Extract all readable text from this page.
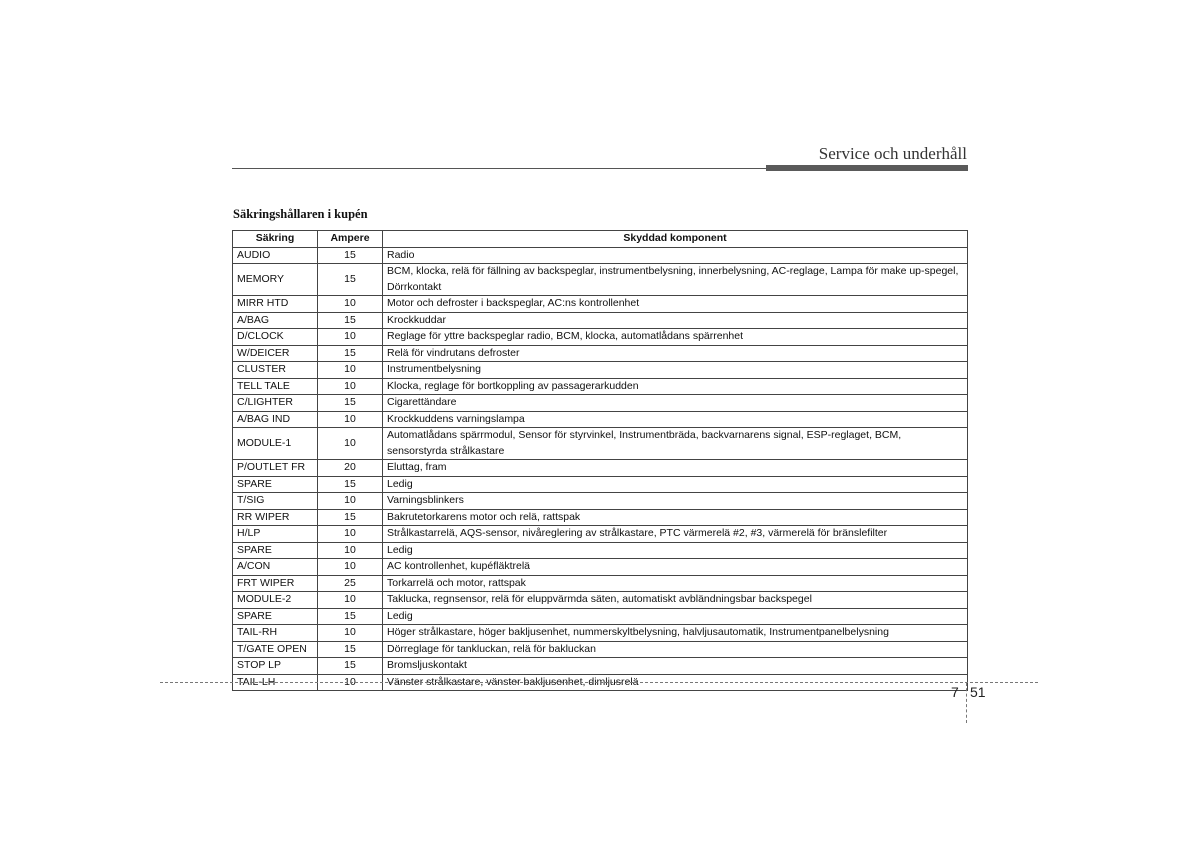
Service och underhåll
Säkringshållaren i kupén
Säkring	Ampere	Skyddad komponent
AUDIO	15	Radio
MEMORY	15	BCM, klocka, relä för fällning av backspeglar, instrumentbelysning, innerbelysning, AC-reglage, Lampa för make up-spegel, Dörrkontakt
MIRR HTD	10	Motor och defroster i backspeglar, AC:ns kontrollenhet
A/BAG	15	Krockkuddar
D/CLOCK	10	Reglage för yttre backspeglar radio, BCM, klocka, automatlådans spärrenhet
W/DEICER	15	Relä för vindrutans defroster
CLUSTER	10	Instrumentbelysning
TELL TALE	10	Klocka, reglage för bortkoppling av passagerarkudden
C/LIGHTER	15	Cigarettändare
A/BAG IND	10	Krockkuddens varningslampa
MODULE-1	10	Automatlådans spärrmodul, Sensor för styrvinkel, Instrumentbräda, backvarnarens signal, ESP-reglaget, BCM, sensorstyrda strålkastare
P/OUTLET FR	20	Eluttag, fram
SPARE	15	Ledig
T/SIG	10	Varningsblinkers
RR WIPER	15	Bakrutetorkarens motor och relä, rattspak
H/LP	10	Strålkastarrelä, AQS-sensor, nivåreglering av strålkastare, PTC värmerelä #2, #3, värmerelä för bränslefilter
SPARE	10	Ledig
A/CON	10	AC kontrollenhet, kupéfläktrelä
FRT WIPER	25	Torkarrelä och motor, rattspak
MODULE-2	10	Taklucka, regnsensor, relä för eluppvärmda säten, automatiskt avbländningsbar backspegel
SPARE	15	Ledig
TAIL-RH	10	Höger strålkastare, höger bakljusenhet, nummerskyltbelysning, halvljusautomatik, Instrumentpanelbelysning
T/GATE OPEN	15	Dörreglage för tankluckan, relä för bakluckan
STOP LP	15	Bromsljuskontakt
TAIL-LH	10	Vänster strålkastare, vänster bakljusenhet, dimljusrelä
7 51
